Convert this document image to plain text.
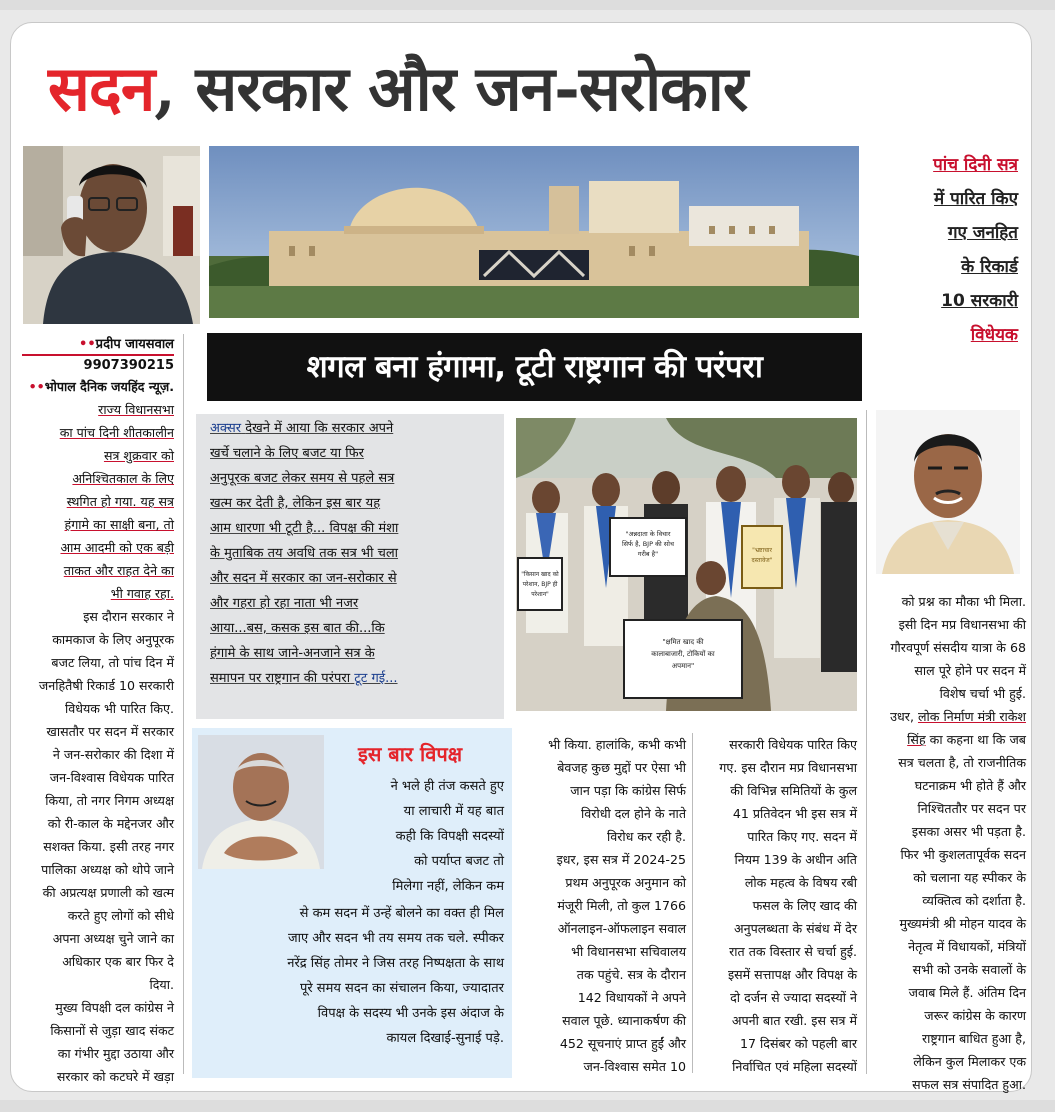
सदन, सरकार और जन-सरोकार
पांच दिनी सत्र
में पारित किए
गए जनहित
के रिकार्ड
10 सरकारी
विधेयक
शगल बना हंगामा, टूटी राष्ट्रगान की परंपरा
••प्रदीप जायसवाल
9907390215

••भोपाल दैनिक जयहिंद न्यूज़.

राज्य विधानसभा

का पांच दिनी शीतकालीन

सत्र शुक्रवार को

अनिश्चितकाल के लिए

स्थगित हो गया. यह सत्र

हंगामे का साक्षी बना, तो

आम आदमी को एक बड़ी

ताकत और राहत देने का

भी गवाह रहा.

इस दौरान सरकार ने

कामकाज के लिए अनुपूरक

बजट लिया, तो पांच दिन में

जनहितैषी रिकार्ड 10 सरकारी

विधेयक भी पारित किए.

खासतौर पर सदन में सरकार

ने जन-सरोकार की दिशा में

जन-विश्वास विधेयक पारित

किया, तो नगर निगम अध्यक्ष

को री-काल के मद्देनजर और

सशक्त किया. इसी तरह नगर

पालिका अध्यक्ष को थोपे जाने

की अप्रत्यक्ष प्रणाली को खत्म

करते हुए लोगों को सीधे

अपना अध्यक्ष चुने जाने का

अधिकार एक बार फिर दे

दिया.

मुख्य विपक्षी दल कांग्रेस ने

किसानों से जुड़ा खाद संकट

का गंभीर मुद्दा उठाया और

सरकार को कटघरे में खड़ा

अक्सर देखने में आया कि सरकार अपने
खर्चे चलाने के लिए बजट या फिर
अनुपूरक बजट लेकर समय से पहले सत्र
खत्म कर देती है, लेकिन इस बार यह
आम धारणा भी टूटी है... विपक्ष की मंशा
के मुताबिक तय अवधि तक सत्र भी चला
और सदन में सरकार का जन-सरोकार से
और गहरा हो रहा नाता भी नजर
आया...बस, कसक इस बात की...कि
हंगामे के साथ जाने-अनजाने सत्र के
समापन पर राष्ट्रगान की परंपरा टूट गई...
"अन्नदाता के विचार
सिर्फ है, BJP की सोच
गरीब है"
"किसान खाद को
परेशान, BJP ही
परेशान"
"भ्रष्टाचार
दस्तावेज"
"क्षमित खाद की
कालाबाजारी, टोकियों का
अपमान"
इस बार विपक्ष
ने भले ही तंज कसते हुए
या लाचारी में यह बात
कही कि विपक्षी सदस्यों
को पर्याप्त बजट तो
मिलेगा नहीं, लेकिन कम
से कम सदन में उन्हें बोलने का वक्त ही मिल
जाए और सदन भी तय समय तक चले. स्पीकर
नरेंद्र सिंह तोमर ने जिस तरह निष्पक्षता के साथ
पूरे समय सदन का संचालन किया, ज्यादातर
विपक्ष के सदस्य भी उनके इस अंदाज के
कायल दिखाई-सुनाई पड़े.

भी किया. हालांकि, कभी कभी

बेवजह कुछ मुद्दों पर ऐसा भी

जान पड़ा कि कांग्रेस सिर्फ

विरोधी दल होने के नाते

विरोध कर रही है.

इधर, इस सत्र में 2024-25

प्रथम अनुपूरक अनुमान को

मंजूरी मिली, तो कुल 1766

ऑनलाइन-ऑफलाइन सवाल

भी विधानसभा सचिवालय

तक पहुंचे. सत्र के दौरान

142 विधायकों ने अपने

सवाल पूछे. ध्यानाकर्षण की

452 सूचनाएं प्राप्त हुईं और

जन-विश्वास समेत 10

सरकारी विधेयक पारित किए

गए. इस दौरान मप्र विधानसभा

की विभिन्न समितियों के कुल

41 प्रतिवेदन भी इस सत्र में

पारित किए गए. सदन में

नियम 139 के अधीन अति

लोक महत्व के विषय रबी

फसल के लिए खाद की

अनुपलब्धता के संबंध में देर

रात तक विस्तार से चर्चा हुई.

इसमें सत्तापक्ष और विपक्ष के

दो दर्जन से ज्यादा सदस्यों ने

अपनी बात रखी. इस सत्र में

17 दिसंबर को पहली बार

निर्वाचित एवं महिला सदस्यों

को प्रश्न का मौका भी मिला.

इसी दिन मप्र विधानसभा की

गौरवपूर्ण संसदीय यात्रा के 68

साल पूरे होने पर सदन में

विशेष चर्चा भी हुई.

उधर, लोक निर्माण मंत्री राकेश

सिंह का कहना था कि जब

सत्र चलता है, तो राजनीतिक

घटनाक्रम भी होते हैं और

निश्चिततौर पर सदन पर

इसका असर भी पड़ता है.

फिर भी कुशलतापूर्वक सदन

को चलाना यह स्पीकर के

व्यक्तित्व को दर्शाता है.

मुख्यमंत्री श्री मोहन यादव के

नेतृत्व में विधायकों, मंत्रियों

सभी को उनके सवालों के

जवाब मिले हैं. अंतिम दिन

जरूर कांग्रेस के कारण

राष्ट्रगान बाधित हुआ है,

लेकिन कुल मिलाकर एक

सफल सत्र संपादित हुआ.
